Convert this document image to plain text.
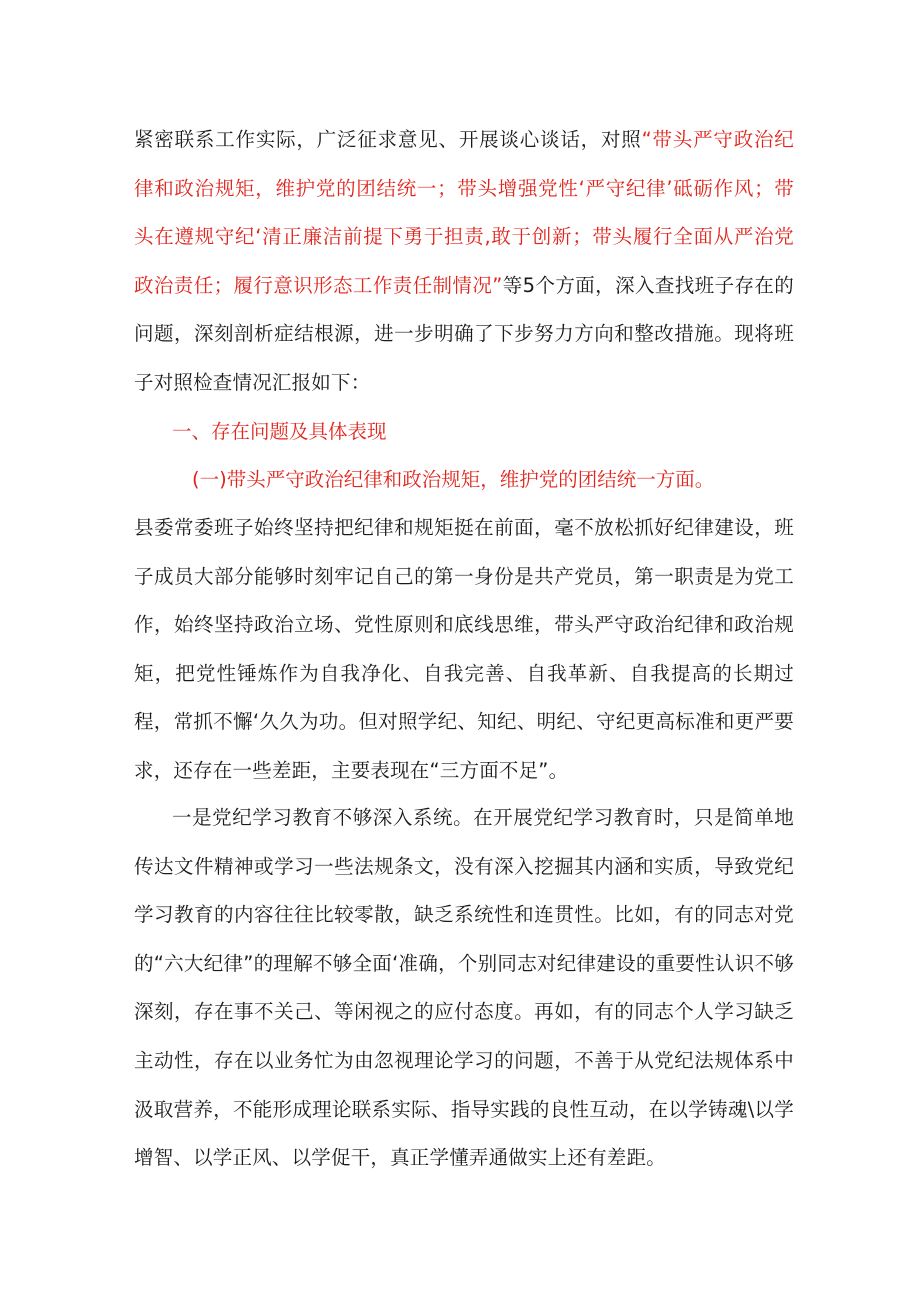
紧密联系工作实际，广泛征求意见、开展谈心谈话，对照“带头严守政治纪律和政治规矩，维护党的团结统一；带头增强党性‘严守纪律’砥砺作风；带头在遵规守纪‘清正廉洁前提下勇于担责,敢于创新；带头履行全面从严治党政治责任；履行意识形态工作责任制情况”等5个方面，深入查找班子存在的问题，深刻剖析症结根源，进一步明确了下步努力方向和整改措施。现将班子对照检查情况汇报如下：

一、存在问题及具体表现

(一)带头严守政治纪律和政治规矩，维护党的团结统一方面。

县委常委班子始终坚持把纪律和规矩挺在前面，毫不放松抓好纪律建设，班子成员大部分能够时刻牢记自己的第一身份是共产党员，第一职责是为党工作，始终坚持政治立场、党性原则和底线思维，带头严守政治纪律和政治规矩，把党性锤炼作为自我净化、自我完善、自我革新、自我提高的长期过程，常抓不懈‘久久为功。但对照学纪、知纪、明纪、守纪更高标准和更严要求，还存在一些差距，主要表现在“三方面不足”。

一是党纪学习教育不够深入系统。在开展党纪学习教育时，只是简单地传达文件精神或学习一些法规条文，没有深入挖掘其内涵和实质，导致党纪学习教育的内容往往比较零散，缺乏系统性和连贯性。比如，有的同志对党的“六大纪律”的理解不够全面‘准确，个别同志对纪律建设的重要性认识不够深刻，存在事不关己、等闲视之的应付态度。再如，有的同志个人学习缺乏主动性，存在以业务忙为由忽视理论学习的问题，不善于从党纪法规体系中汲取营养，不能形成理论联系实际、指导实践的良性互动，在以学铸魂\以学增智、以学正风、以学促干，真正学懂弄通做实上还有差距。
